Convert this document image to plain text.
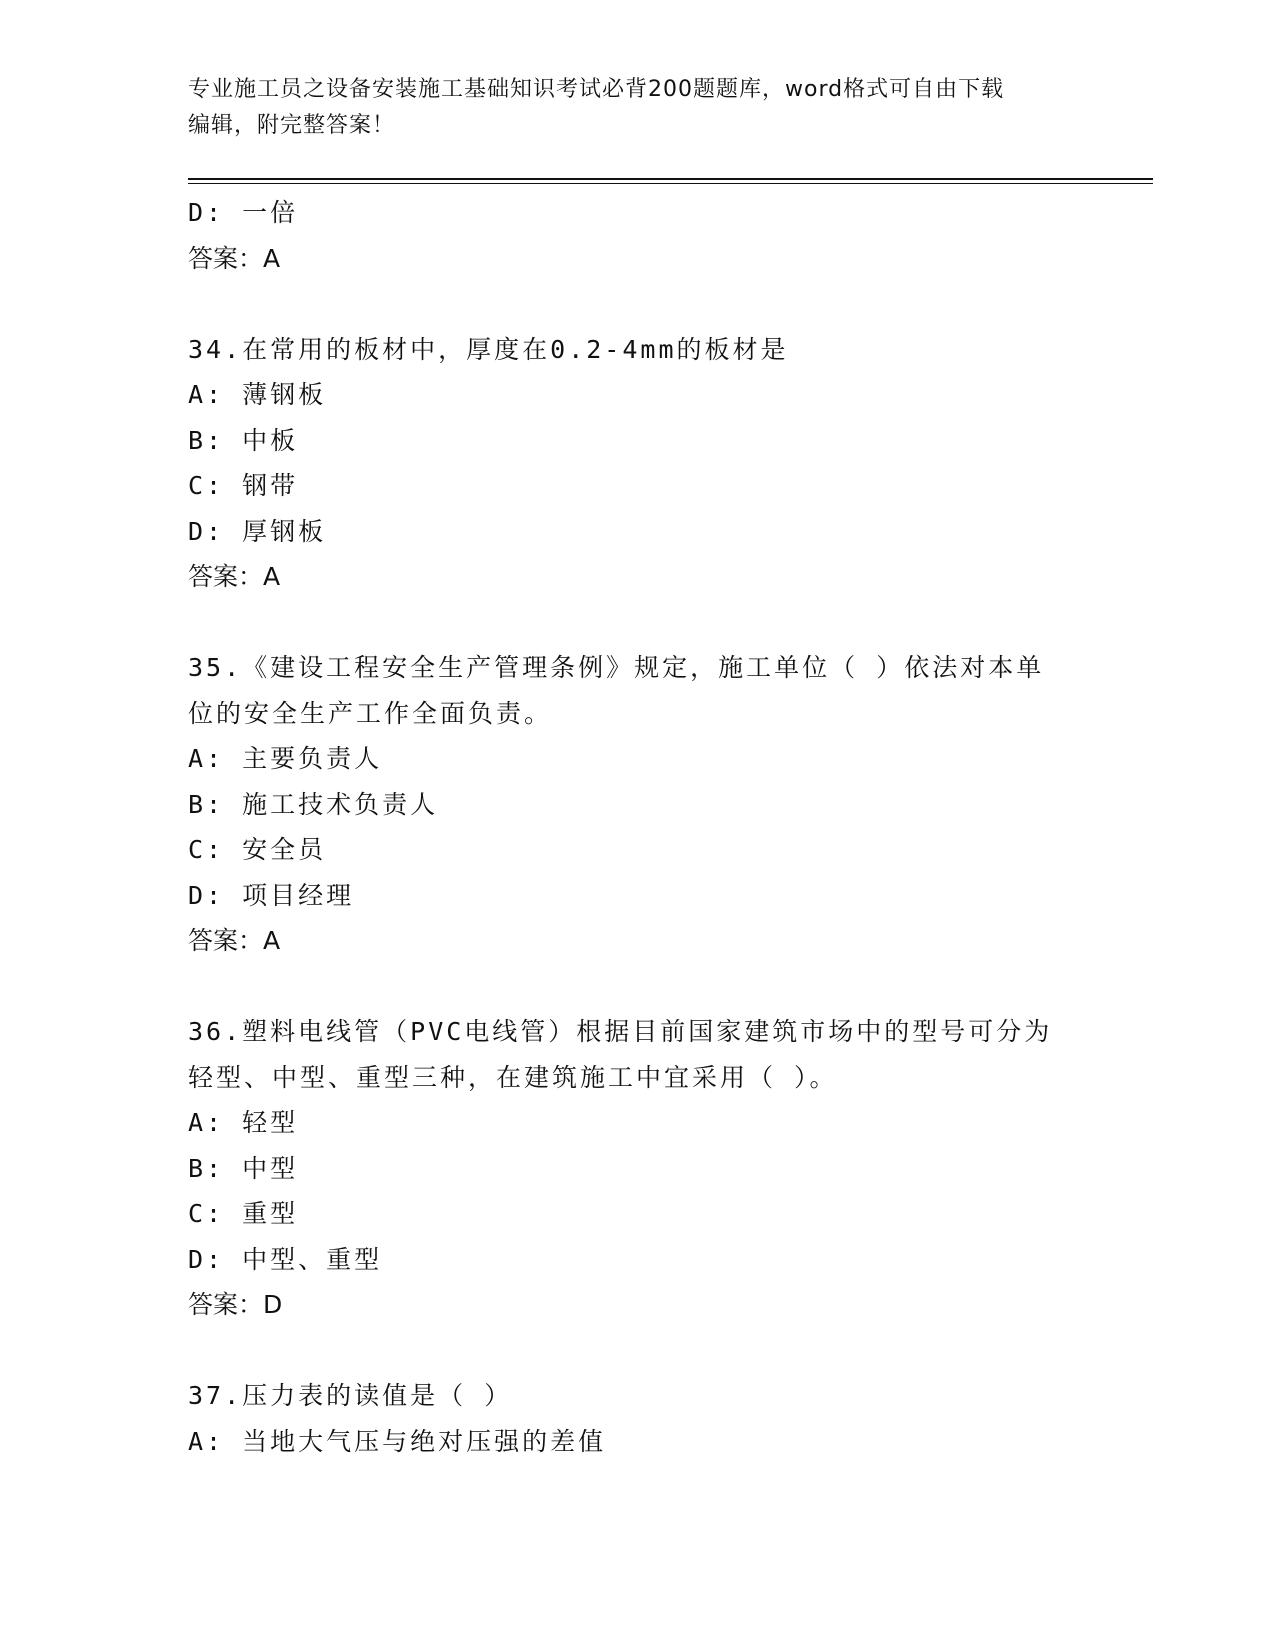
专业施工员之设备安装施工基础知识考试必背200题题库，word格式可自由下载
编辑，附完整答案！
D: 一倍
答案：A
34.在常用的板材中，厚度在0.2-4mm的板材是
A: 薄钢板
B: 中板
C: 钢带
D: 厚钢板
答案：A
35.《建设工程安全生产管理条例》规定，施工单位（ ）依法对本单
位的安全生产工作全面负责。
A: 主要负责人
B: 施工技术负责人
C: 安全员
D: 项目经理
答案：A
36.塑料电线管（PVC电线管）根据目前国家建筑市场中的型号可分为
轻型、中型、重型三种，在建筑施工中宜采用（ ）。
A: 轻型
B: 中型
C: 重型
D: 中型、重型
答案：D
37.压力表的读值是（ ）
A: 当地大气压与绝对压强的差值
